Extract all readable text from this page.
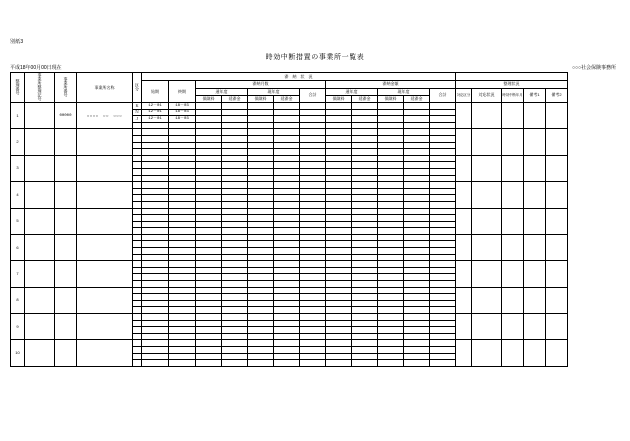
別紙3
時効中断措置の事業所一覧表
平成18年00月00日現在	○○○社会保険事務所
整理番号	事業所整理記号	事業所番号	事業所名称	区分	滞　納　状　況																
					始期	終期	滞納月数					滞納金額					整理状況				
							通年度		現年度		合計	通年度		現年度		合計	対応区分	対応状況	時効中断年月	備考1	備考2
							保険料	延滞金	保険料	延滞金		保険料	延滞金	保険料	延滞金						
1		00000	○○○○　○○　○○○	Ｋ	12－01	18－03															
				Ｎ	12－01	18－03															
				Ｊ	12－01	18－03															

2																					

3																					

4																					

5																					

6																					

7																					

8																					

9																					

10																					
